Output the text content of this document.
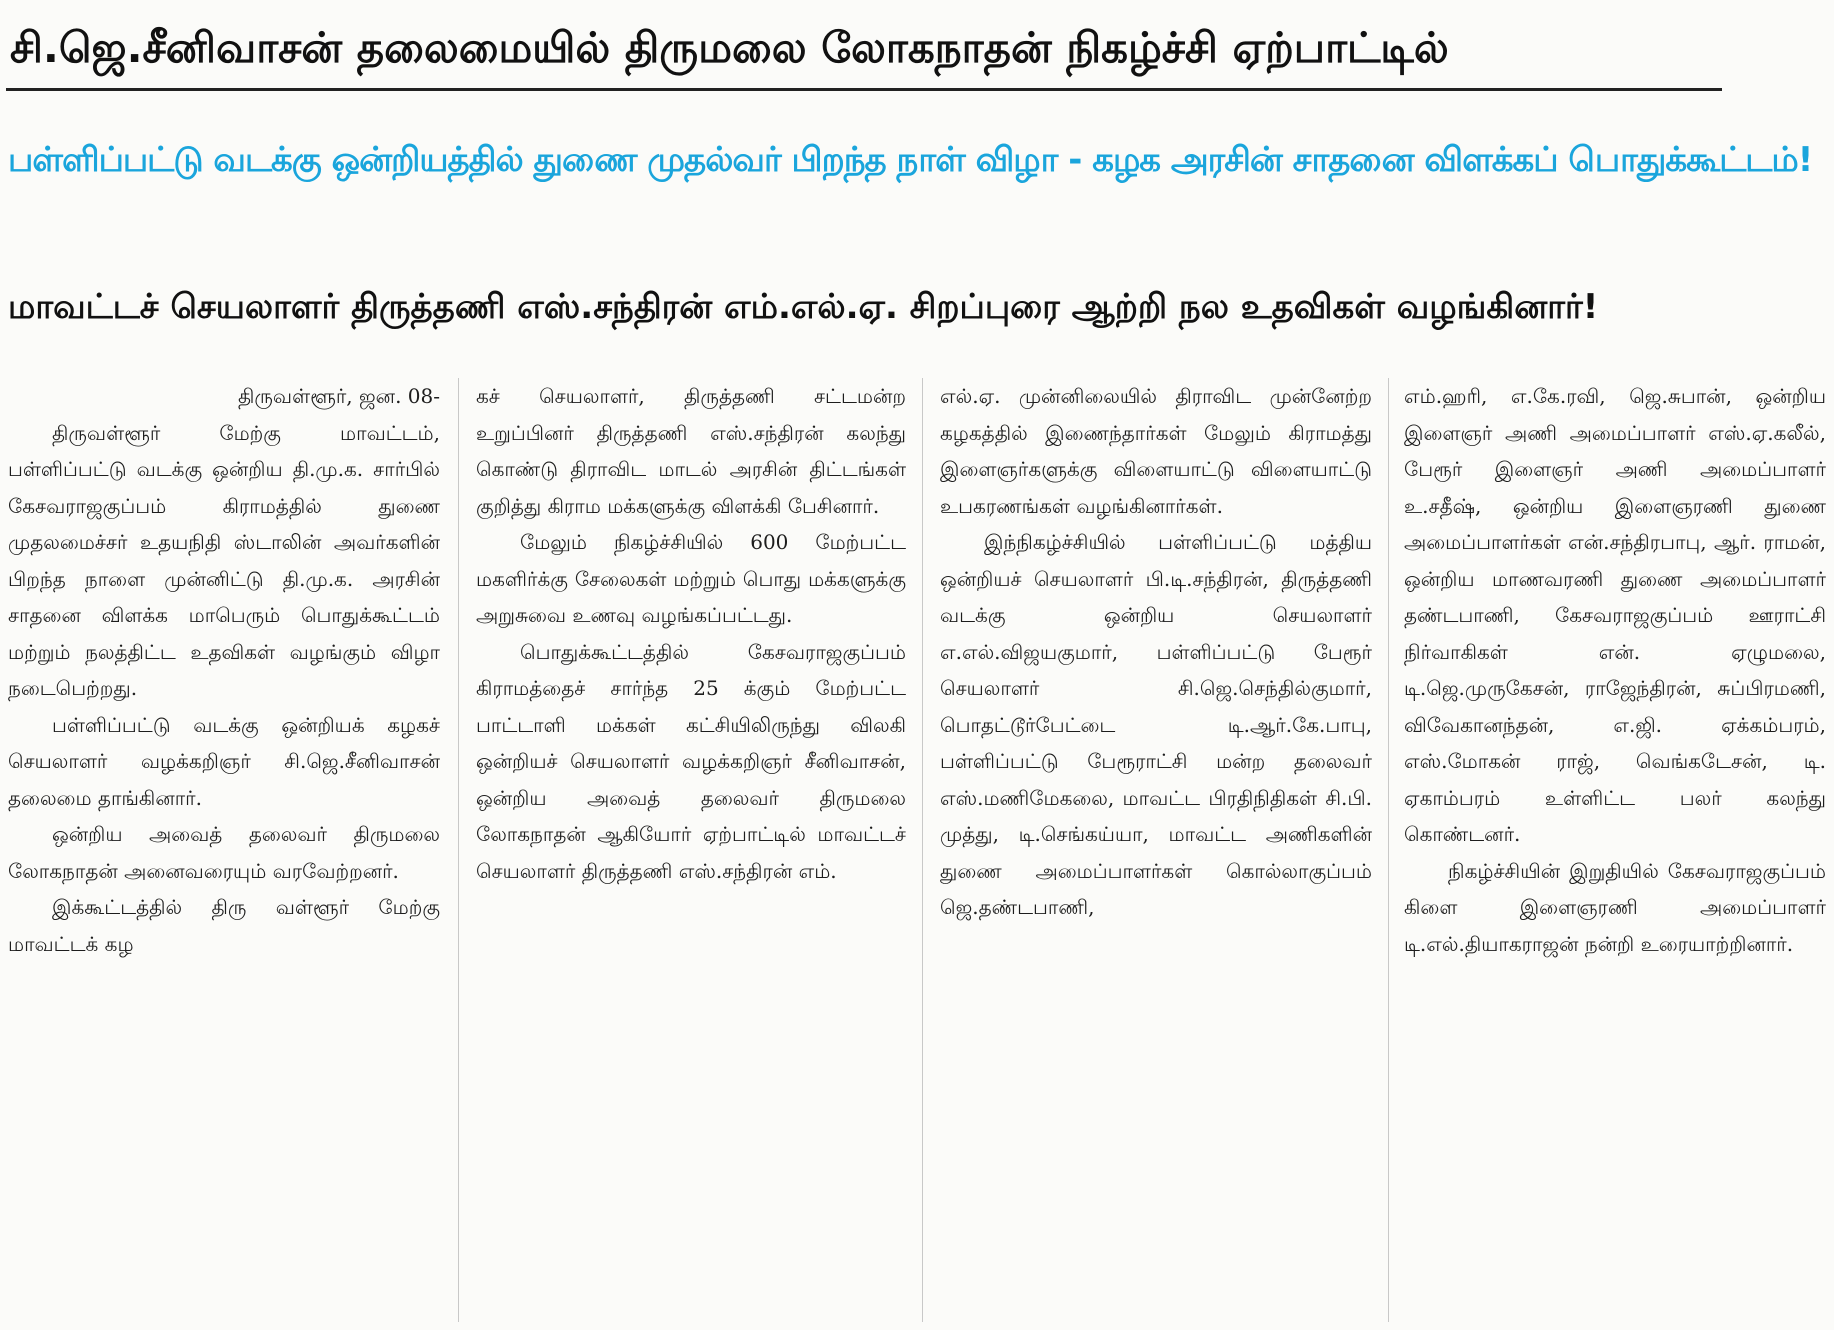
சி.ஜெ.சீனிவாசன் தலைமையில் திருமலை லோகநாதன் நிகழ்ச்சி ஏற்பாட்டில்
பள்ளிப்பட்டு வடக்கு ஒன்றியத்தில் துணை முதல்வர் பிறந்த நாள் விழா - கழக அரசின் சாதனை விளக்கப் பொதுக்கூட்டம்!
மாவட்டச் செயலாளர் திருத்தணி எஸ்.சந்திரன் எம்.எல்.ஏ. சிறப்புரை ஆற்றி நல உதவிகள் வழங்கினார்!

திருவள்ளூர், ஜன. 08-

திருவள்ளூர் மேற்கு மாவட்டம், பள்ளிப்பட்டு வடக்கு ஒன்றிய தி.மு.க. சார்பில் கேசவராஜகுப்பம் கிராமத்தில் துணை முதலமைச்சர் உதயநிதி ஸ்டாலின் அவர்களின் பிறந்த நாளை முன்னிட்டு தி.மு.க. அரசின் சாதனை விளக்க மாபெரும் பொதுக்கூட்டம் மற்றும் நலத்திட்ட உதவிகள் வழங்கும் விழா நடைபெற்றது.

பள்ளிப்பட்டு வடக்கு ஒன்றியக் கழகச் செயலாளர் வழக்கறிஞர் சி.ஜெ.சீனிவாசன் தலைமை தாங்கினார்.

ஒன்றிய அவைத் தலைவர் திருமலை லோகநாதன் அனைவரையும் வரவேற்றனர்.

இக்கூட்டத்தில் திரு வள்ளூர் மேற்கு மாவட்டக் கழ

கச் செயலாளர், திருத்தணி சட்டமன்ற உறுப்பினர் திருத்தணி எஸ்.சந்திரன் கலந்து கொண்டு திராவிட மாடல் அரசின் திட்டங்கள் குறித்து கிராம மக்களுக்கு விளக்கி பேசினார்.

மேலும் நிகழ்ச்சியில் 600 மேற்பட்ட மகளிர்க்கு சேலைகள் மற்றும் பொது மக்களுக்கு அறுசுவை உணவு வழங்கப்பட்டது.

பொதுக்கூட்டத்தில் கேசவராஜகுப்பம் கிராமத்தைச் சார்ந்த 25 க்கும் மேற்பட்ட பாட்டாளி மக்கள் கட்சியிலிருந்து விலகி ஒன்றியச் செயலாளர் வழக்கறிஞர் சீனிவாசன், ஒன்றிய அவைத் தலைவர் திருமலை லோகநாதன் ஆகியோர் ஏற்பாட்டில் மாவட்டச் செயலாளர் திருத்தணி எஸ்.சந்திரன் எம்.

எல்.ஏ. முன்னிலையில் திராவிட முன்னேற்ற கழகத்தில் இணைந்தார்கள் மேலும் கிராமத்து இளைஞர்களுக்கு விளையாட்டு விளையாட்டு உபகரணங்கள் வழங்கினார்கள்.

இந்நிகழ்ச்சியில் பள்ளிப்பட்டு மத்திய ஒன்றியச் செயலாளர் பி.டி.சந்திரன், திருத்தணி வடக்கு ஒன்றிய செயலாளர் எ.எல்.விஜயகுமார், பள்ளிப்பட்டு பேரூர் செயலாளர் சி.ஜெ.செந்தில்குமார், பொதட்டூர்பேட்டை டி.ஆர்.கே.பாபு, பள்ளிப்பட்டு பேரூராட்சி மன்ற தலைவர் எஸ்.மணிமேகலை, மாவட்ட பிரதிநிதிகள் சி.பி. முத்து, டி.செங்கய்யா, மாவட்ட அணிகளின் துணை அமைப்பாளர்கள் கொல்லாகுப்பம் ஜெ.தண்டபாணி,

எம்.ஹரி, எ.கே.ரவி, ஜெ.சுபான், ஒன்றிய இளைஞர் அணி அமைப்பாளர் எஸ்.ஏ.கலீல், பேரூர் இளைஞர் அணி அமைப்பாளர் உ.சதீஷ், ஒன்றிய இளைஞரணி துணை அமைப்பாளர்கள் என்.சந்திரபாபு, ஆர். ராமன், ஒன்றிய மாணவரணி துணை அமைப்பாளர் தண்டபாணி, கேசவராஜகுப்பம் ஊராட்சி நிர்வாகிகள் என். ஏழுமலை, டி.ஜெ.முருகேசன், ராஜேந்திரன், சுப்பிரமணி, விவேகானந்தன், எ.ஜி. ஏக்கம்பரம், எஸ்.மோகன் ராஜ், வெங்கடேசன், டி. ஏகாம்பரம் உள்ளிட்ட பலர் கலந்து கொண்டனர்.

நிகழ்ச்சியின் இறுதியில் கேசவராஜகுப்பம் கிளை இளைஞரணி அமைப்பாளர் டி.எல்.தியாகராஜன் நன்றி உரையாற்றினார்.
